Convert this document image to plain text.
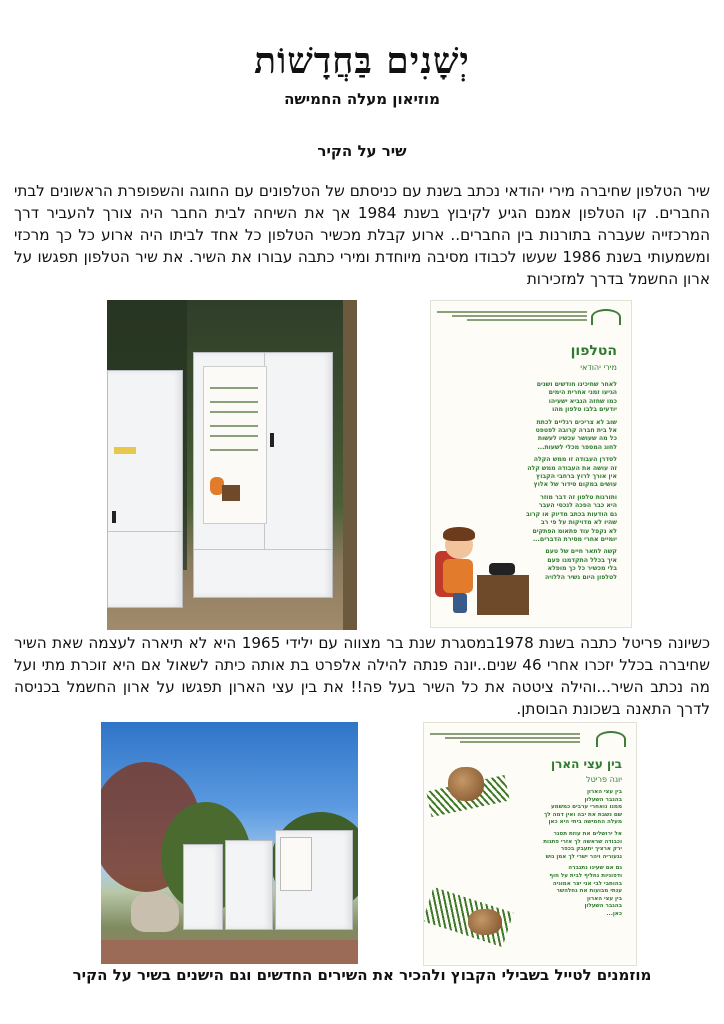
יְשָׁנִים בַּחֲדָשׁוֹת
מוזיאון מעלה החמישה
שיר על הקיר
שיר הטלפון שחיברה מירי יהודאי נכתב בשנת עם כניסתם של הטלפונים עם החוגה והשפופרת הראשונים לבתי החברים. קו הטלפון אמנם הגיע לקיבוץ בשנת 1984 אך את השיחה לבית החבר היה צורך להעביר דרך המרכזייה שעברה בתורנות בין החברים.. ארוע קבלת מכשיר הטלפון כל אחד לביתו היה ארוע כל כך מרכזי ומשמעותי בשנת 1986 שעשו לכבודו מסיבה מיוחדת ומירי כתבה עבורו את השיר. את שיר הטלפון תפגשו על ארון החשמל בדרך למזכירות
הטלפון
מירי יהודאי
לאחר שחיכינו חודשים ושנים
הגיעו זמני אחרית הימים
כמו שחזה הנביא ישעיהו
יודעים בלבו טלפון מהו
שוב לא צריכים רגליים לכתת
אל בית חברה קרובה לפטפט
כל מה שעושר עכשיו לעשות
לחוג המספר מכלי לשעות...
לסדרן העבודה זו ממש הקלה
זה עושה את העבודה ממש קלה
אין אורך לרוץ ברחבי הקבוץ
עושים במקום סידור של אלוץ
ותורנות טלפון זה דבר מוזר
היא כבר הפכה לנכסי העבר
גם הודעות בכתב מדיוק או קרוב
שהיו לא מדויקות על פי רב
לא נקפל עוד פתאומ הפתקים
יומיים אחרי מסירת הדברים...
קשה לתאר חיים של טעם
איך בכלל התקדמנו פעם
בלי מכשיר כל כך מופלא
לטלפון היום נשיר הללויה
כשיונה פריטל כתבה בשנת 1978במסגרת שנת בר מצווה עם ילידי 1965 היא לא תיארה לעצמה שאת השיר שחיברה בכלל יזכרו אחרי 46 שנים..יונה פנתה להילה אלפרט בת אותה כיתה לשאול אם היא זוכרת מתי ועל מה נכתב השיר...והילה ציטטה את כל השיר בעל פה!! את בין עצי הארון תפגשו על ארון החשמל בכניסה לדרך התאנה בשכונת הבוסתן.
בין עצי הארן
יונה פריטל
בין עצי הארון
בהגבר השעלון
ממנו נואחרי ערבים כמשמע
שם נשבת את יבה ואין דמה לך
מעלה החמישה ביתי היא כאן
אל ירושלים את עוזת תסגר
וכבודה שראשה לך אזרי פתגות
ירק ארציך יתעבק בכפר
נגעוריה ויהר ישרי לך אמן גוש
גם אם שעינו נתגברה
ודפוניות נחליף לבית על חוף
בהותבי לבי אני יצר אמוניה
ענתי מבועות את נחלהשר
בין עצי הארון
בהגבר השעלון
כאן...
מוזמנים לטייל בשבילי הקבוץ ולהכיר את השירים החדשים וגם הישנים בשיר על הקיר
